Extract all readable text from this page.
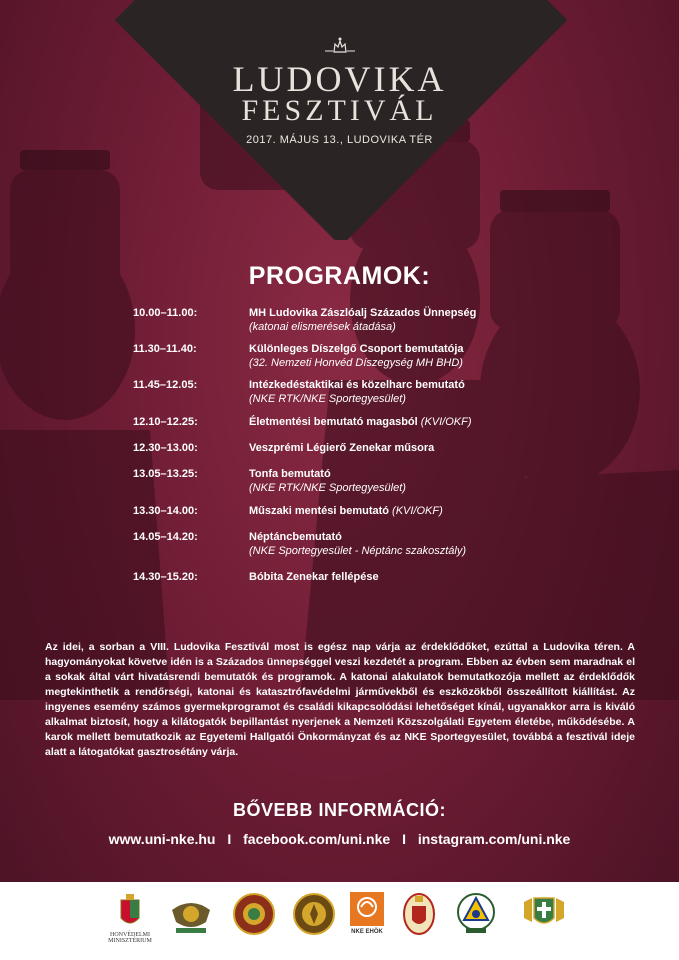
LUDOVIKA
FESZTIVÁL
2017. MÁJUS 13., LUDOVIKA TÉR
PROGRAMOK:
10.00–11.00:	MH Ludovika Zászlóalj Százados Ünnepség
(katonai elismerések átadása)
11.30–11.40:	Különleges Díszelgő Csoport bemutatója
(32. Nemzeti Honvéd Díszegység MH BHD)
11.45–12.05:	Intézkedéstaktikai és közelharc bemutató
(NKE RTK/NKE Sportegyesület)
12.10–12.25:	Életmentési bemutató magasból (KVI/OKF)
12.30–13.00:	Veszprémi Légierő Zenekar műsora
13.05–13.25:	Tonfa bemutató
(NKE RTK/NKE Sportegyesület)
13.30–14.00:	Műszaki mentési bemutató (KVI/OKF)
14.05–14.20:	Néptáncbemutató
(NKE Sportegyesület - Néptánc szakosztály)
14.30–15.20:	Bóbita Zenekar fellépése
Az idei, a sorban a VIII. Ludovika Fesztivál most is egész nap várja az érdeklődőket, ezúttal a Ludovika téren. A hagyományokat követve idén is a Százados ünnepséggel veszi kezdetét a program. Ebben az évben sem maradnak el a sokak által várt hivatásrendi bemutatók és programok. A katonai alakulatok bemutatkozója mellett az érdeklődők megtekinthetik a rendőrségi, katonai és katasztrófavédelmi járművekből és eszközökből összeállított kiállítást. Az ingyenes esemény számos gyermekprogramot és családi kikapcsolódási lehetőséget kínál, ugyanakkor arra is kiváló alkalmat biztosít, hogy a kilátogatók bepillantást nyerjenek a Nemzeti Közszolgálati Egyetem életébe, működésébe. A karok mellett bemutatkozik az Egyetemi Hallgatói Önkormányzat és az NKE Sportegyesület, továbbá a fesztivál ideje alatt a látogatókat gasztrosétány várja.
BŐVEBB INFORMÁCIÓ:
www.uni-nke.hu I facebook.com/uni.nke I instagram.com/uni.nke
HONVÉDELMI
MINISZTÉRIUM
NKE EHÖK
